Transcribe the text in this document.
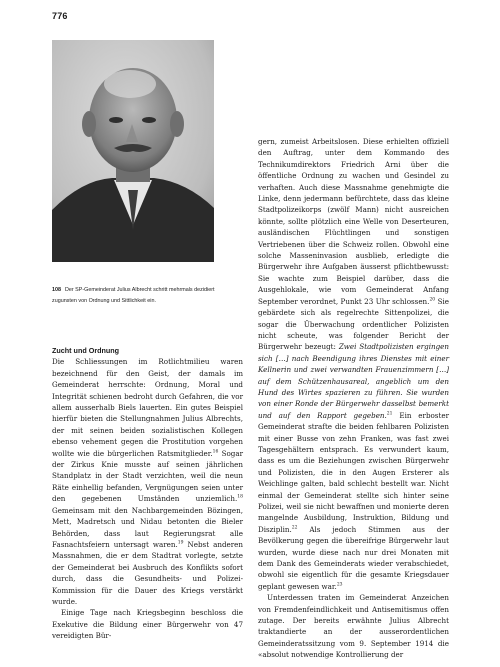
776
108 Der SP-Gemeinderat Julius Albrecht schritt mehrmals dezidiert zugunsten von Ordnung und Sittlichkeit ein.
Zucht und Ordnung

Die Schliessungen im Rotlichtmilieu waren bezeichnend für den Geist, der damals im Gemeinderat herrschte: Ordnung, Moral und Integrität schienen bedroht durch Gefahren, die vor allem ausserhalb Biels lauerten. Ein gutes Beispiel hierfür bieten die Stellungnahmen Julius Albrechts, der mit seinen beiden sozialistischen Kollegen ebenso vehement gegen die Prostitution vorgehen wollte wie die bürgerlichen Ratsmitglieder.$^{16}$ Sogar der Zirkus Knie musste auf seinen jährlichen Standplatz in der Stadt verzichten, weil die neun Räte einhellig befanden, Vergnügungen seien unter den gegebenen Umständen unziemlich.$^{18}$ Gemeinsam mit den Nachbargemeinden Bözingen, Mett, Madretsch und Nidau betonten die Bieler Behörden, dass laut Regierungsrat alle Fasnachtsfeiern untersagt waren.$^{19}$ Nebst anderen Massnahmen, die er dem Stadtrat vorlegte, setzte der Gemeinderat bei Ausbruch des Konflikts sofort durch, dass die Gesundheits- und Polizei-Kommission für die Dauer des Kriegs verstärkt wurde.

Einige Tage nach Kriegsbeginn beschloss die Exekutive die Bildung einer Bürgerwehr von 47 vereidigten Bür-

gern, zumeist Arbeitslosen. Diese erhielten offiziell den Auftrag, unter dem Kommando des Technikumdirektors Friedrich Arni über die öffentliche Ordnung zu wachen und Gesindel zu verhaften. Auch diese Massnahme genehmigte die Linke, denn jedermann befürchtete, dass das kleine Stadtpolizeikorps (zwölf Mann) nicht ausreichen könnte, sollte plötzlich eine Welle von Deserteuren, ausländischen Flüchtlingen und sonstigen Vertriebenen über die Schweiz rollen. Obwohl eine solche Masseninvasion ausblieb, erledigte die Bürgerwehr ihre Aufgaben äusserst pflichtbewusst: Sie wachte zum Beispiel darüber, dass die Ausgehlokale, wie vom Gemeinderat Anfang September verordnet, Punkt 23 Uhr schlossen.$^{20}$ Sie gebärdete sich als regelrechte Sittenpolizei, die sogar die Überwachung ordentlicher Polizisten nicht scheute, was folgender Bericht der Bürgerwehr bezeugt: Zwei Stadtpolizisten ergingen sich […] nach Beendigung ihres Dienstes mit einer Kellnerin und zwei verwandten Frauenzimmern […] auf dem Schützenhausareal, angeblich um den Hund des Wirtes spazieren zu führen. Sie wurden von einer Ronde der Bürgerwehr dasselbst bemerkt und auf den Rapport gegeben.$^{21}$ Ein erboster Gemeinderat strafte die beiden fehlbaren Polizisten mit einer Busse von zehn Franken, was fast zwei Tagesgehältern entsprach. Es verwundert kaum, dass es um die Beziehungen zwischen Bürgerwehr und Polizisten, die in den Augen Ersterer als Weichlinge galten, bald schlecht bestellt war. Nicht einmal der Gemeinderat stellte sich hinter seine Polizei, weil sie nicht bewaffnen und monierte deren mangelnde Ausbildung, Instruktion, Bildung und Disziplin.$^{22}$ Als jedoch Stimmen aus der Bevölkerung gegen die übereifrige Bürgerwehr laut wurden, wurde diese nach nur drei Monaten mit dem Dank des Gemeinderats wieder verabschiedet, obwohl sie eigentlich für die gesamte Kriegsdauer geplant gewesen war.$^{23}$

Unterdessen traten im Gemeinderat Anzeichen von Fremdenfeindlichkeit und Antisemitismus offen zutage. Der bereits erwähnte Julius Albrecht traktandierte an der ausserordentlichen Gemeinderatssitzung vom 9. September 1914 die «absolut notwendige Kontrollierung der
